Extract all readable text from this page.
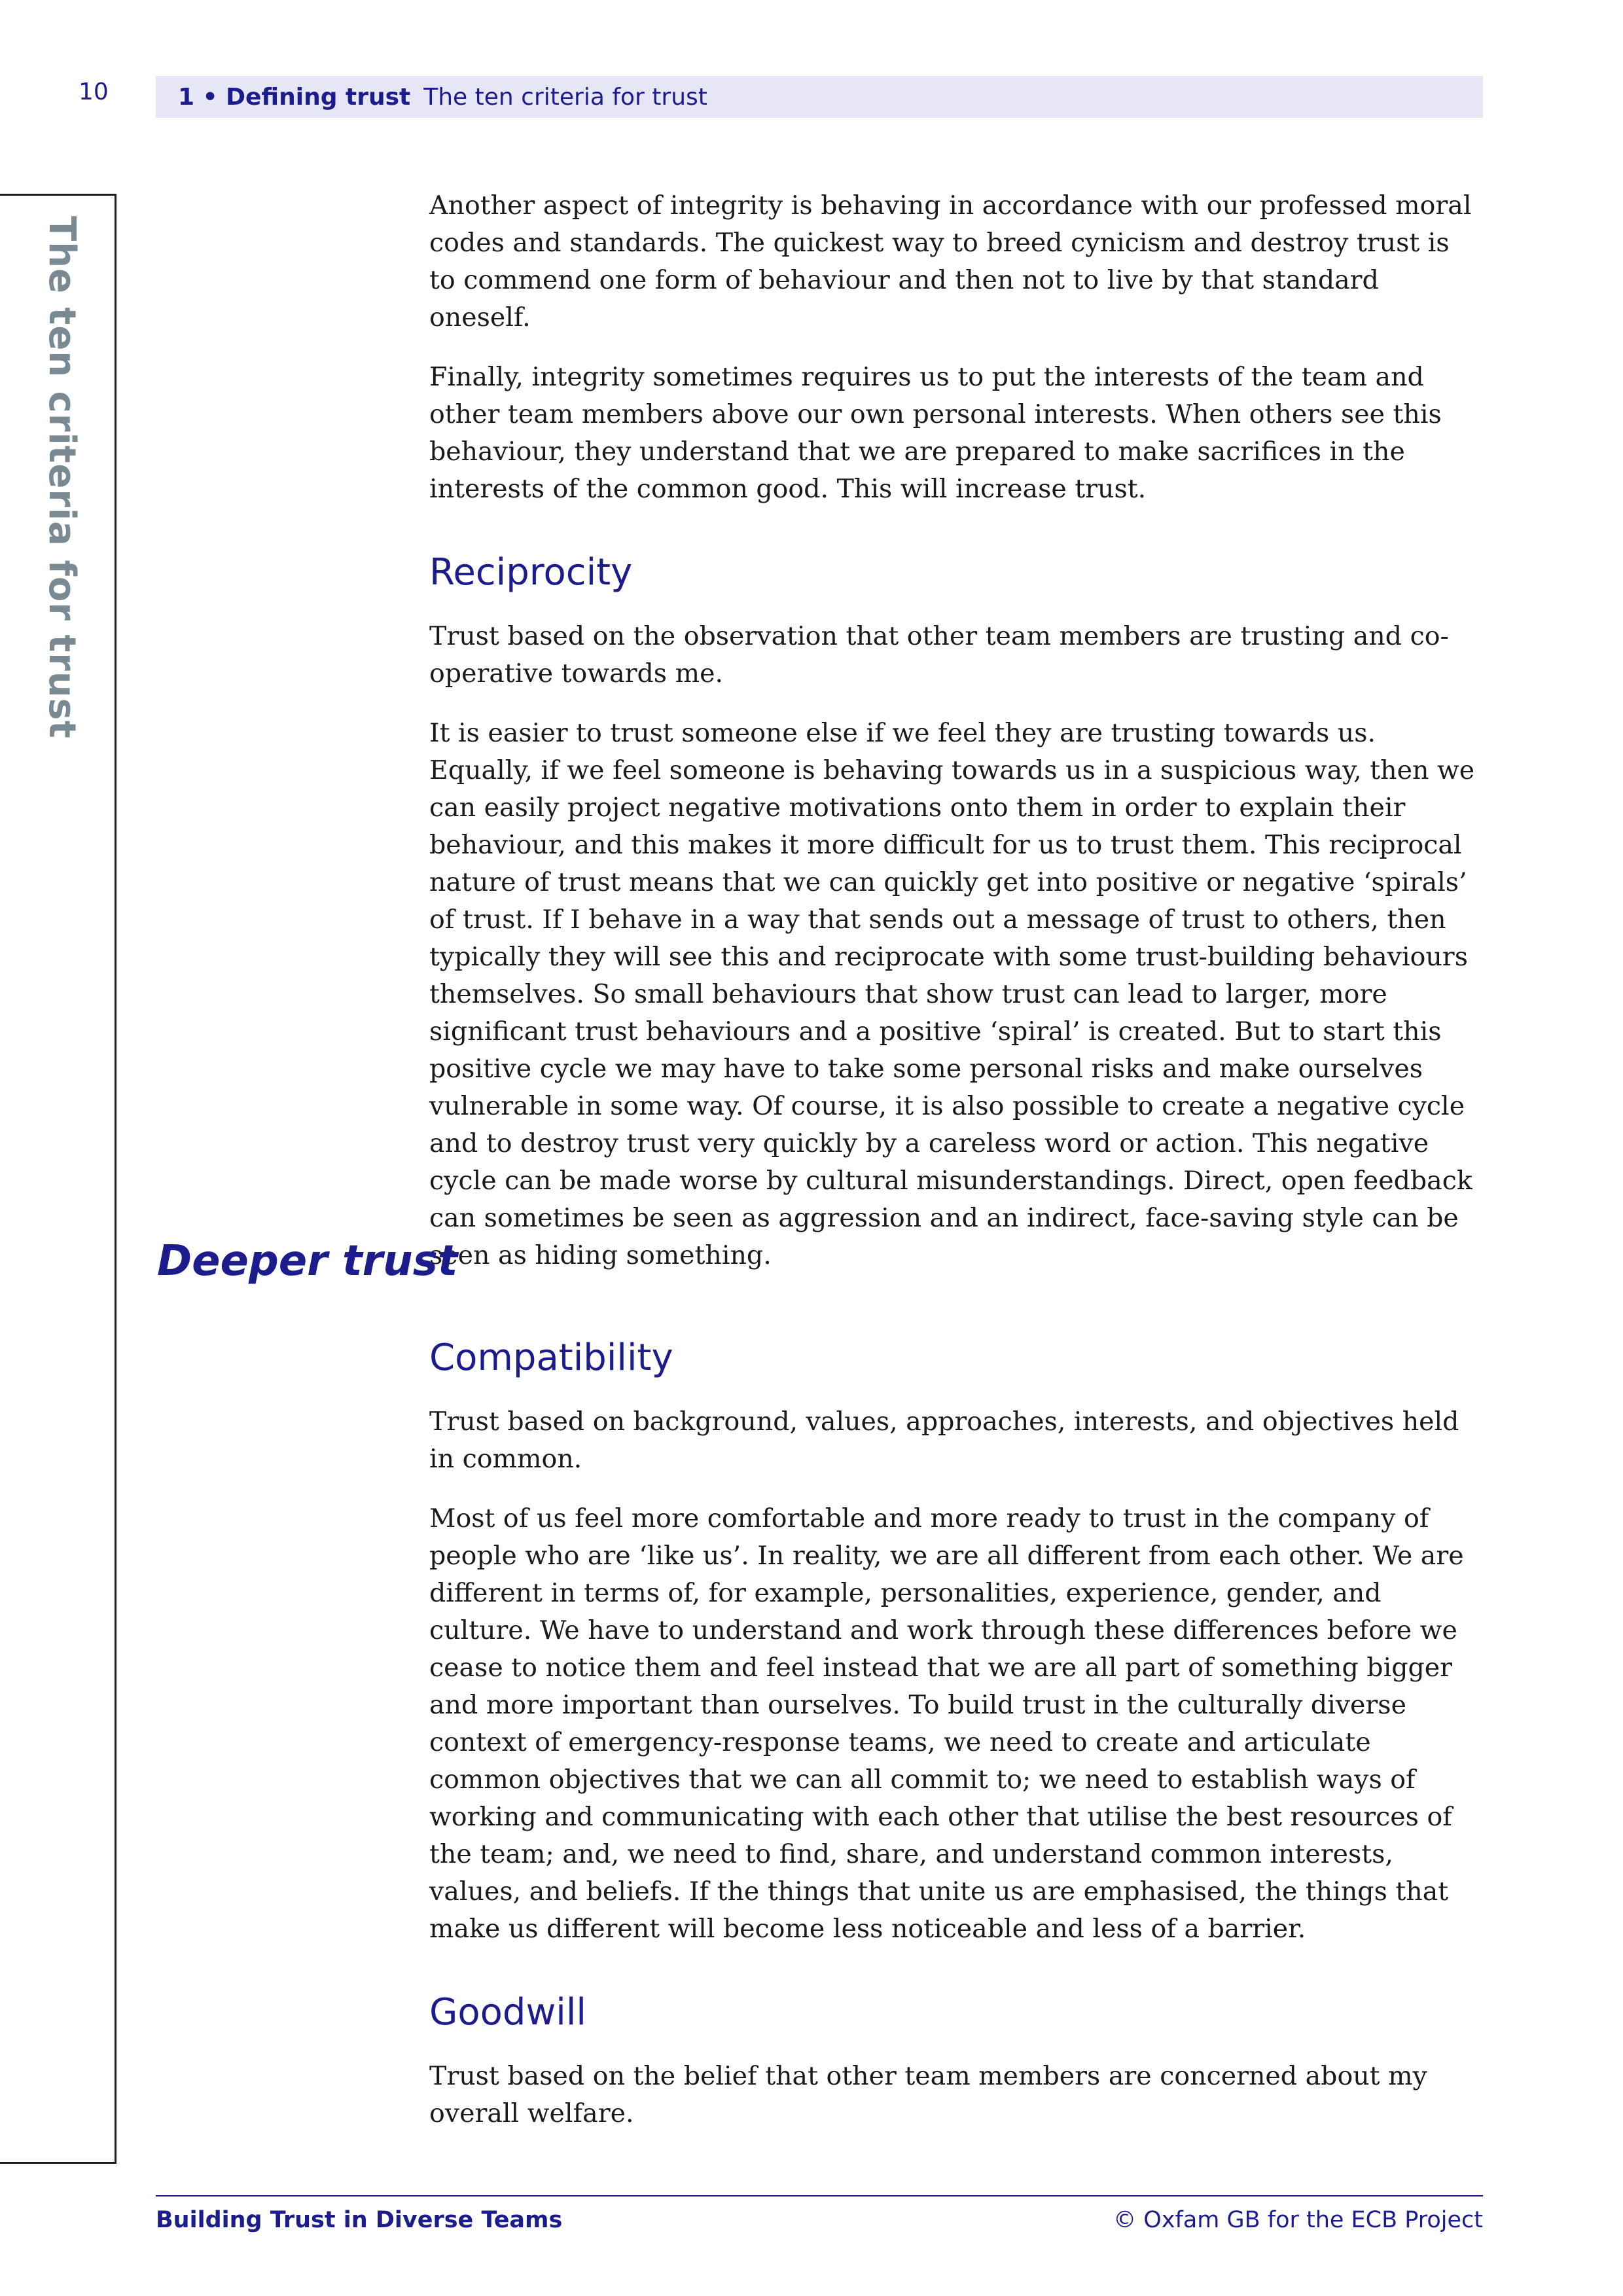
10	1 • Defining trust The ten criteria for trust
The ten criteria for trust

Another aspect of integrity is behaving in accordance with our professed moral codes and standards. The quickest way to breed cynicism and destroy trust is to commend one form of behaviour and then not to live by that standard oneself.

Finally, integrity sometimes requires us to put the interests of the team and other team members above our own personal interests. When others see this behaviour, they understand that we are prepared to make sacrifices in the interests of the common good. This will increase trust.

Reciprocity

Trust based on the observation that other team members are trusting and co-operative towards me.

It is easier to trust someone else if we feel they are trusting towards us. Equally, if we feel someone is behaving towards us in a suspicious way, then we can easily project negative motivations onto them in order to explain their behaviour, and this makes it more difficult for us to trust them. This reciprocal nature of trust means that we can quickly get into positive or negative ‘spirals’ of trust. If I behave in a way that sends out a message of trust to others, then typically they will see this and reciprocate with some trust-building behaviours themselves. So small behaviours that show trust can lead to larger, more significant trust behaviours and a positive ‘spiral’ is created. But to start this positive cycle we may have to take some personal risks and make ourselves vulnerable in some way. Of course, it is also possible to create a negative cycle and to destroy trust very quickly by a careless word or action. This negative cycle can be made worse by cultural misunderstandings. Direct, open feedback can sometimes be seen as aggression and an indirect, face-saving style can be seen as hiding something.

Deeper trust
Compatibility

Trust based on background, values, approaches, interests, and objectives held in common.

Most of us feel more comfortable and more ready to trust in the company of people who are ‘like us’. In reality, we are all different from each other. We are different in terms of, for example, personalities, experience, gender, and culture. We have to understand and work through these differences before we cease to notice them and feel instead that we are all part of something bigger and more important than ourselves. To build trust in the culturally diverse context of emergency-response teams, we need to create and articulate common objectives that we can all commit to; we need to establish ways of working and communicating with each other that utilise the best resources of the team; and, we need to find, share, and understand common interests, values, and beliefs. If the things that unite us are emphasised, the things that make us different will become less noticeable and less of a barrier.

Goodwill

Trust based on the belief that other team members are concerned about my overall welfare.

Building Trust in Diverse Teams	© Oxfam GB for the ECB Project
